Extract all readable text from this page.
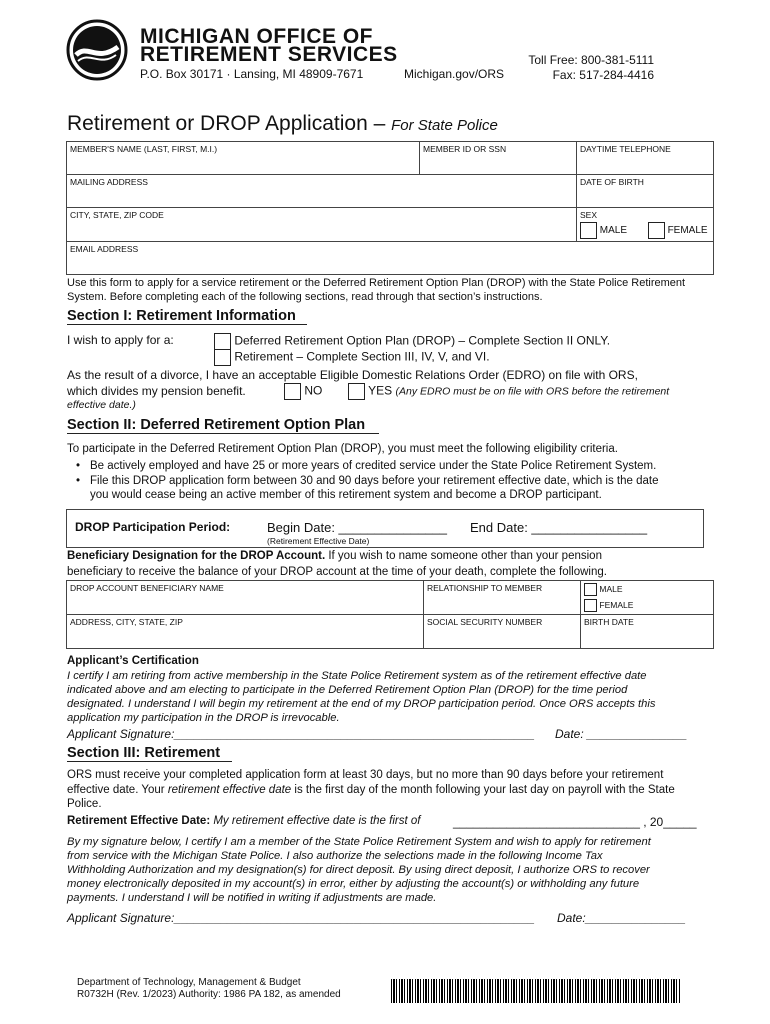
MICHIGAN OFFICE OF
RETIREMENT SERVICES
P.O. Box 30171 · Lansing, MI 48909-7671	Michigan.gov/ORS
Toll Free: 800-381-5111
Fax: 517-284-4416
Retirement or DROP Application – For State Police
MEMBER'S NAME (LAST, FIRST, M.I.)	MEMBER ID OR SSN	DAYTIME TELEPHONE
MAILING ADDRESS		DATE OF BIRTH
CITY, STATE, ZIP CODE		SEX
MALE FEMALE

EMAIL ADDRESS		
Use this form to apply for a service retirement or the Deferred Retirement Option Plan (DROP) with the State Police Retirement System. Before completing each of the following sections, read through that section’s instructions.
Section I: Retirement Information
I wish to apply for a:	Deferred Retirement Option Plan (DROP) – Complete Section II ONLY.
Retirement – Complete Section III, IV, V, and VI.
As the result of a divorce, I have an acceptable Eligible Domestic Relations Order (EDRO) on file with ORS,
which divides my pension benefit.	NO	YES (Any EDRO must be on file with ORS before the retirement
effective date.)
Section II: Deferred Retirement Option Plan
To participate in the Deferred Retirement Option Plan (DROP), you must meet the following eligibility criteria.
• Be actively employed and have 25 or more years of credited service under the State Police Retirement System.
• File this DROP application form between 30 and 90 days before your retirement effective date, which is the date
you would cease being an active member of this retirement system and become a DROP participant.
DROP Participation Period:	Begin Date: _______________ End Date: ________________
(Retirement Effective Date)
Beneficiary Designation for the DROP Account. If you wish to name someone other than your pension
beneficiary to receive the balance of your DROP account at the time of your death, complete the following.
DROP ACCOUNT BENEFICIARY NAME	RELATIONSHIP TO MEMBER	MALE
FEMALE

ADDRESS, CITY, STATE, ZIP	SOCIAL SECURITY NUMBER	BIRTH DATE
Applicant’s Certification
I certify I am retiring from active membership in the State Police Retirement system as of the retirement effective date
indicated above and am electing to participate in the Deferred Retirement Option Plan (DROP) for the time period
designated. I understand I will begin my retirement at the end of my DROP participation period. Once ORS accepts this
application my participation in the DROP is irrevocable.
Applicant Signature:______________________________________________________ Date: _______________
Section III: Retirement
ORS must receive your completed application form at least 30 days, but no more than 90 days before your retirement
effective date. Your retirement effective date is the first day of the month following your last day on payroll with the State
Police.
Retirement Effective Date: My retirement effective date is the first of	____________________________ , 20_____
By my signature below, I certify I am a member of the State Police Retirement System and wish to apply for retirement
from service with the Michigan State Police. I also authorize the selections made in the following Income Tax
Withholding Authorization and my designation(s) for direct deposit. By using direct deposit, I authorize ORS to recover
money electronically deposited in my account(s) in error, either by adjusting the account(s) or withholding any future
payments. I understand I will be notified in writing if adjustments are made.
Applicant Signature:______________________________________________________ Date:_______________
Department of Technology, Management & Budget
R0732H (Rev. 1/2023) Authority: 1986 PA 182, as amended
